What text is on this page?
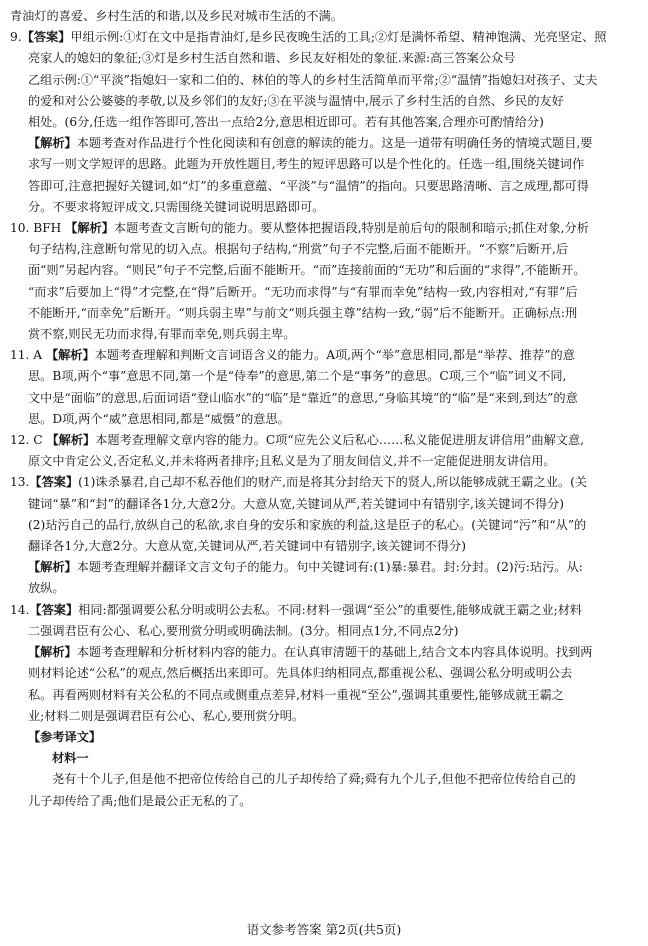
青油灯的喜爱、乡村生活的和谐,以及乡民对城市生活的不满。

9.【答案】甲组示例:①灯在文中是指青油灯,是乡民夜晚生活的工具;②灯是满怀希望、精神饱满、光亮坚定、照

亮家人的媳妇的象征;③灯是乡村生活自然和谐、乡民友好相处的象征.来源:高三答案公众号

乙组示例:①“平淡”指媳妇一家和二伯的、林伯的等人的乡村生活简单而平常;②“温情”指媳妇对孩子、丈夫

的爱和对公公婆婆的孝敬,以及乡邻们的友好;③在平淡与温情中,展示了乡村生活的自然、乡民的友好

相处。(6分,任选一组作答即可,答出一点给2分,意思相近即可。若有其他答案,合理亦可酌情给分)

【解析】本题考查对作品进行个性化阅读和有创意的解读的能力。这是一道带有明确任务的情境式题目,要

求写一则文学短评的思路。此题为开放性题目,考生的短评思路可以是个性化的。任选一组,围绕关键词作

答即可,注意把握好关键词,如“灯”的多重意蕴、“平淡”与“温情”的指向。只要思路清晰、言之成理,都可得

分。不要求将短评成文,只需围绕关键词说明思路即可。

10. BFH 【解析】本题考查文言断句的能力。要从整体把握语段,特别是前后句的限制和暗示;抓住对象,分析

句子结构,注意断句常见的切入点。根据句子结构,“刑赏”句子不完整,后面不能断开。“不察”后断开,后

面“则”另起内容。“则民”句子不完整,后面不能断开。“而”连接前面的“无功”和后面的“求得”,不能断开。

“而求”后要加上“得”才完整,在“得”后断开。“无功而求得”与“有罪而幸免”结构一致,内容相对,“有罪”后

不能断开,“而幸免”后断开。“则兵弱主卑”与前文“则兵强主尊”结构一致,“弱”后不能断开。正确标点:刑

赏不察,则民无功而求得,有罪而幸免,则兵弱主卑。

11. A 【解析】本题考查理解和判断文言词语含义的能力。A项,两个“举”意思相同,都是“举荐、推荐”的意

思。B项,两个“事”意思不同,第一个是“侍奉”的意思,第二个是“事务”的意思。C项,三个“临”词义不同,

文中是“面临”的意思,后面词语“登山临水”的“临”是“靠近”的意思,“身临其境”的“临”是“来到,到达”的意

思。D项,两个“威”意思相同,都是“威慑”的意思。

12. C 【解析】本题考查理解文章内容的能力。C项“应先公义后私心……私义能促进朋友讲信用”曲解文意,

原文中肯定公义,否定私义,并未将两者排序;且私义是为了朋友间信义,并不一定能促进朋友讲信用。

13.【答案】(1)诛杀暴君,自己却不私吞他们的财产,而是将其分封给天下的贤人,所以能够成就王霸之业。(关

键词“暴”和“封”的翻译各1分,大意2分。大意从宽,关键词从严,若关键词中有错别字,该关键词不得分)

(2)玷污自己的品行,放纵自己的私欲,求自身的安乐和家族的利益,这是臣子的私心。(关键词“污”和“从”的

翻译各1分,大意2分。大意从宽,关键词从严,若关键词中有错别字,该关键词不得分)

【解析】本题考查理解并翻译文言文句子的能力。句中关键词有:(1)暴:暴君。封:分封。(2)污:玷污。从:

放纵。

14.【答案】相同:都强调要公私分明或明公去私。不同:材料一强调“至公”的重要性,能够成就王霸之业;材料

二强调君臣有公心、私心,要刑赏分明或明确法制。(3分。相同点1分,不同点2分)

【解析】本题考查理解和分析材料内容的能力。在认真审清题干的基础上,结合文本内容具体说明。找到两

则材料论述“公私”的观点,然后概括出来即可。先具体归纳相同点,都重视公私、强调公私分明或明公去

私。再看两则材料有关公私的不同点或侧重点差异,材料一重视“至公”,强调其重要性,能够成就王霸之

业;材料二则是强调君臣有公心、私心,要刑赏分明。

【参考译文】

材料一

尧有十个儿子,但是他不把帝位传给自己的儿子却传给了舜;舜有九个儿子,但他不把帝位传给自己的

儿子却传给了禹;他们是最公正无私的了。

语文参考答案 第2页(共5页)
